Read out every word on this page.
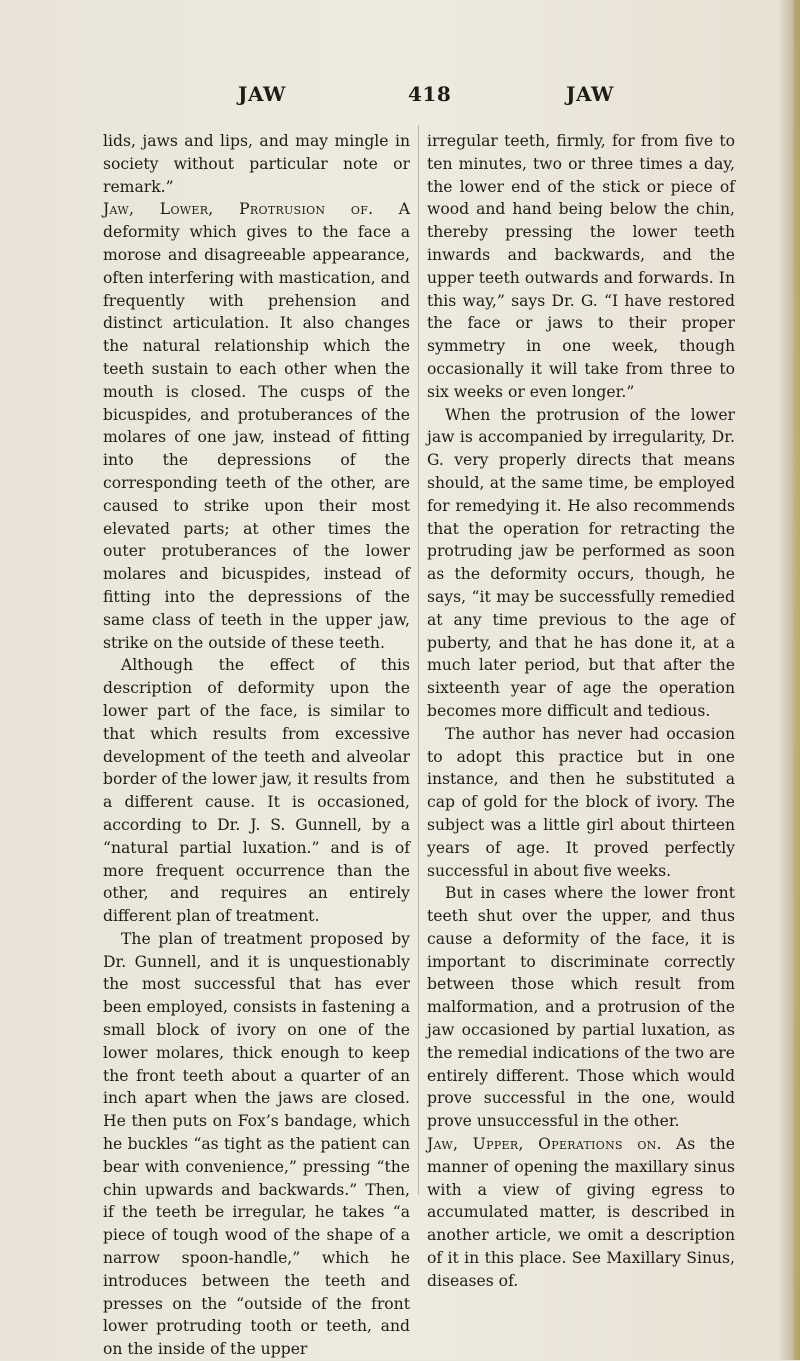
JAW	418	JAW

lids, jaws and lips, and may mingle in society without particular note or remark.”

Jaw, Lower, Protrusion of. A deformity which gives to the face a morose and disagreeable appearance, often interfering with mastication, and frequently with prehension and distinct articulation. It also changes the natural relationship which the teeth sustain to each other when the mouth is closed. The cusps of the bicuspides, and protuberances of the molares of one jaw, instead of fitting into the depressions of the corresponding teeth of the other, are caused to strike upon their most elevated parts; at other times the outer protuberances of the lower molares and bicuspides, instead of fitting into the depressions of the same class of teeth in the upper jaw, strike on the outside of these teeth.

Although the effect of this description of deformity upon the lower part of the face, is similar to that which results from excessive development of the teeth and alveolar border of the lower jaw, it results from a different cause. It is occasioned, according to Dr. J. S. Gunnell, by a “natural partial luxation.” and is of more frequent occurrence than the other, and requires an entirely different plan of treatment.

The plan of treatment proposed by Dr. Gunnell, and it is unquestionably the most successful that has ever been employed, consists in fastening a small block of ivory on one of the lower molares, thick enough to keep the front teeth about a quarter of an inch apart when the jaws are closed. He then puts on Fox’s bandage, which he buckles “as tight as the patient can bear with convenience,” pressing “the chin upwards and backwards.” Then, if the teeth be irregular, he takes “a piece of tough wood of the shape of a narrow spoon-handle,” which he introduces between the teeth and presses on the “outside of the front lower protruding tooth or teeth, and on the inside of the upper

irregular teeth, firmly, for from five to ten minutes, two or three times a day, the lower end of the stick or piece of wood and hand being below the chin, thereby pressing the lower teeth inwards and backwards, and the upper teeth outwards and forwards. In this way,” says Dr. G. “I have restored the face or jaws to their proper symmetry in one week, though occasionally it will take from three to six weeks or even longer.”

When the protrusion of the lower jaw is accompanied by irregularity, Dr. G. very properly directs that means should, at the same time, be employed for remedying it. He also recommends that the operation for retracting the protruding jaw be performed as soon as the deformity occurs, though, he says, “it may be successfully remedied at any time previous to the age of puberty, and that he has done it, at a much later period, but that after the sixteenth year of age the operation becomes more difficult and tedious.

The author has never had occasion to adopt this practice but in one instance, and then he substituted a cap of gold for the block of ivory. The subject was a little girl about thirteen years of age. It proved perfectly successful in about five weeks.

But in cases where the lower front teeth shut over the upper, and thus cause a deformity of the face, it is important to discriminate correctly between those which result from malformation, and a protrusion of the jaw occasioned by partial luxation, as the remedial indications of the two are entirely different. Those which would prove successful in the one, would prove unsuccessful in the other.

Jaw, Upper, Operations on. As the manner of opening the maxillary sinus with a view of giving egress to accumulated matter, is described in another article, we omit a description of it in this place. See Maxillary Sinus, diseases of.
